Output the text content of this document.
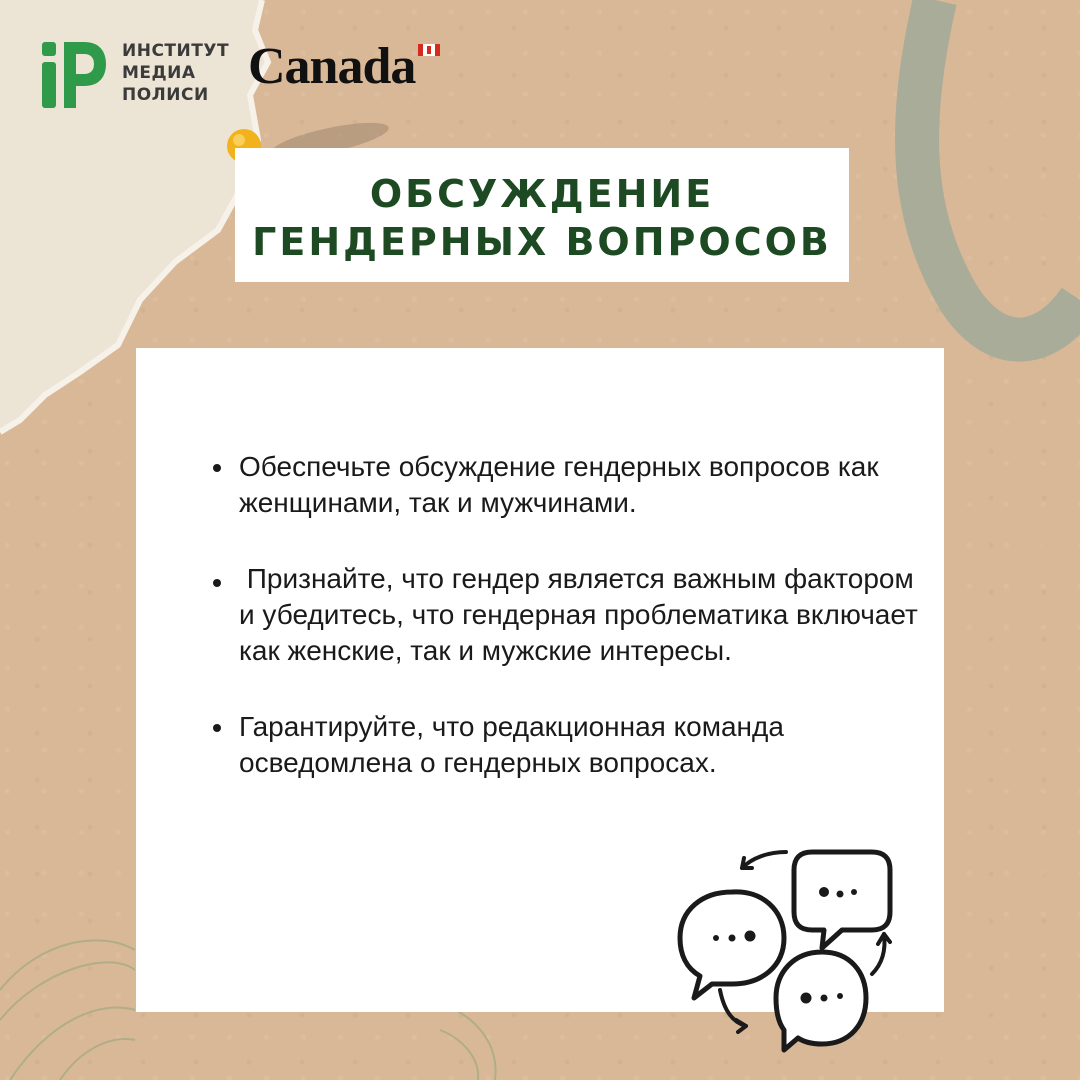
ИНСТИТУТ
МЕДИА
ПОЛИСИ Canada
ОБСУЖДЕНИЕ
ГЕНДЕРНЫХ ВОПРОСОВ
Обеспечьте обсуждение гендерных вопросов как женщинами, так и мужчинами.
Признайте, что гендер является важным фактором и убедитесь, что гендерная проблематика включает как женские, так и мужские интересы.
Гарантируйте, что редакционная команда осведомлена о гендерных вопросах.
